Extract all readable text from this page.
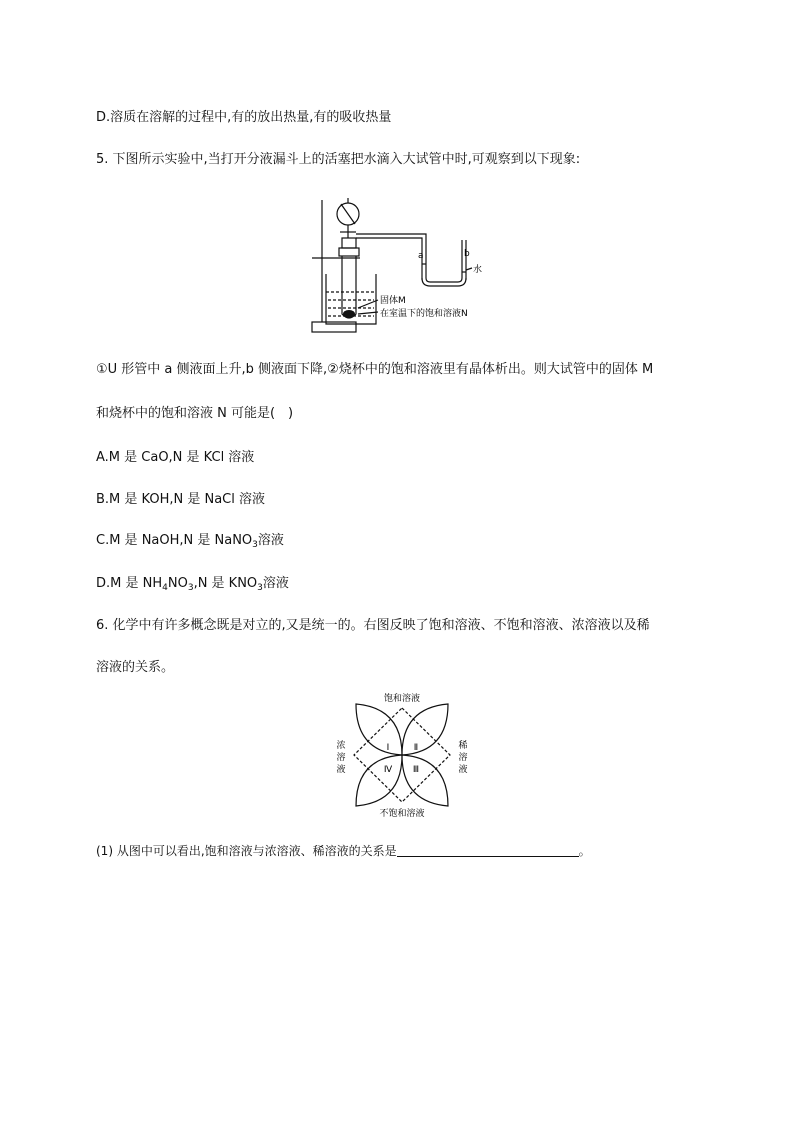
D.溶质在溶解的过程中,有的放出热量,有的吸收热量
5. 下图所示实验中,当打开分液漏斗上的活塞把水滴入大试管中时,可观察到以下现象:
a	b
水
固体M
在室温下的饱和溶液N
①U 形管中 a 侧液面上升,b 侧液面下降,②烧杯中的饱和溶液里有晶体析出。则大试管中的固体 M
和烧杯中的饱和溶液 N 可能是(　)
A.M 是 CaO,N 是 KCl 溶液
B.M 是 KOH,N 是 NaCl 溶液
C.M 是 NaOH,N 是 NaNO$_3$溶液
D.M 是 $NH_4NO_3,N$ 是 $KNO_3$溶液
6. 化学中有许多概念既是对立的,又是统一的。右图反映了饱和溶液、不饱和溶液、浓溶液以及稀
溶液的关系。
饱和溶液
不饱和溶液
浓
溶
液
稀
溶
液
Ⅰ	Ⅱ
Ⅲ
Ⅳ
(1) 从图中可以看出,饱和溶液与浓溶液、稀溶液的关系是	。
